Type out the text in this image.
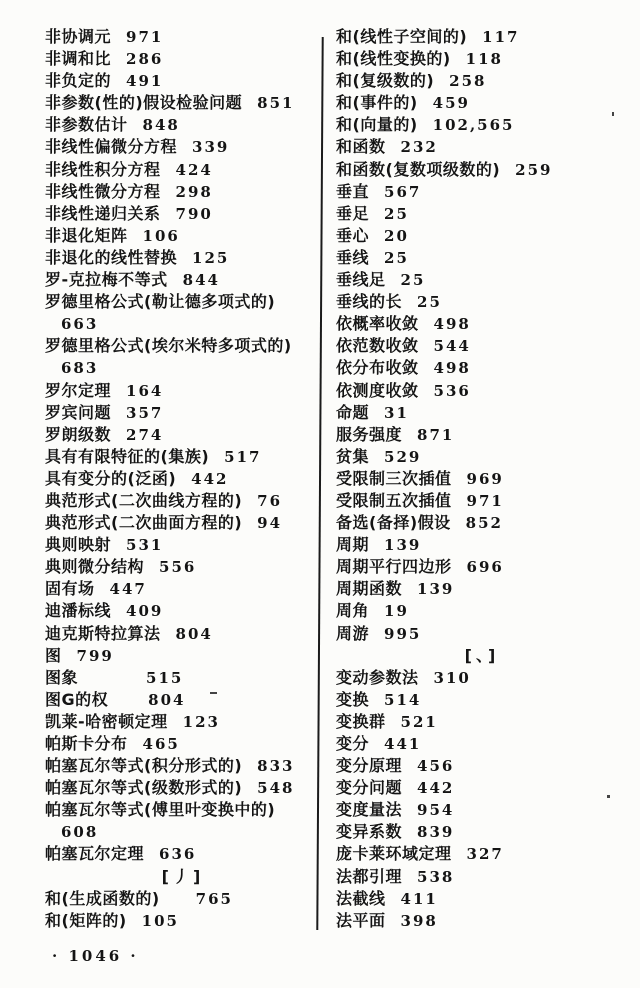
非协调元 971
非调和比 286
非负定的 491
非参数(性的)假设检验问题 851
非参数估计 848
非线性偏微分方程 339
非线性积分方程 424
非线性微分方程 298
非线性递归关系 790
非退化矩阵 106
非退化的线性替换 125
罗-克拉梅不等式 844
罗德里格公式(勒让德多项式的)
663
罗德里格公式(埃尔米特多项式的)
683
罗尔定理 164
罗宾问题 357
罗朗级数 274
具有有限特征的(集族) 517
具有变分的(泛函) 442
典范形式(二次曲线方程的) 76
典范形式(二次曲面方程的) 94
典则映射 531
典则微分结构 556
固有场 447
迪潘标线 409
迪克斯特拉算法 804
图 799
图象	515
图G的权	804
凯莱-哈密顿定理 123
帕斯卡分布 465
帕塞瓦尔等式(积分形式的) 833
帕塞瓦尔等式(级数形式的) 548
帕塞瓦尔等式(傅里叶变换中的)
608
帕塞瓦尔定理 636
[丿]
和(生成函数的) 765
和(矩阵的) 105
和(线性子空间的) 117
和(线性变换的) 118
和(复级数的) 258
和(事件的) 459
和(向量的) 102,565
和函数 232
和函数(复数项级数的) 259
垂直 567
垂足 25
垂心 20
垂线 25
垂线足 25
垂线的长 25
依概率收敛 498
依范数收敛 544
依分布收敛 498
依测度收敛 536
命题 31
服务强度 871
贫集 529
受限制三次插值 969
受限制五次插值 971
备选(备择)假设 852
周期 139
周期平行四边形 696
周期函数 139
周角 19
周游 995
[、]
变动参数法 310
变换 514
变换群 521
变分 441
变分原理 456
变分问题 442
变度量法 954
变异系数 839
庞卡莱环域定理 327
法都引理 538
法截线 411
法平面 398
· 1046 ·
